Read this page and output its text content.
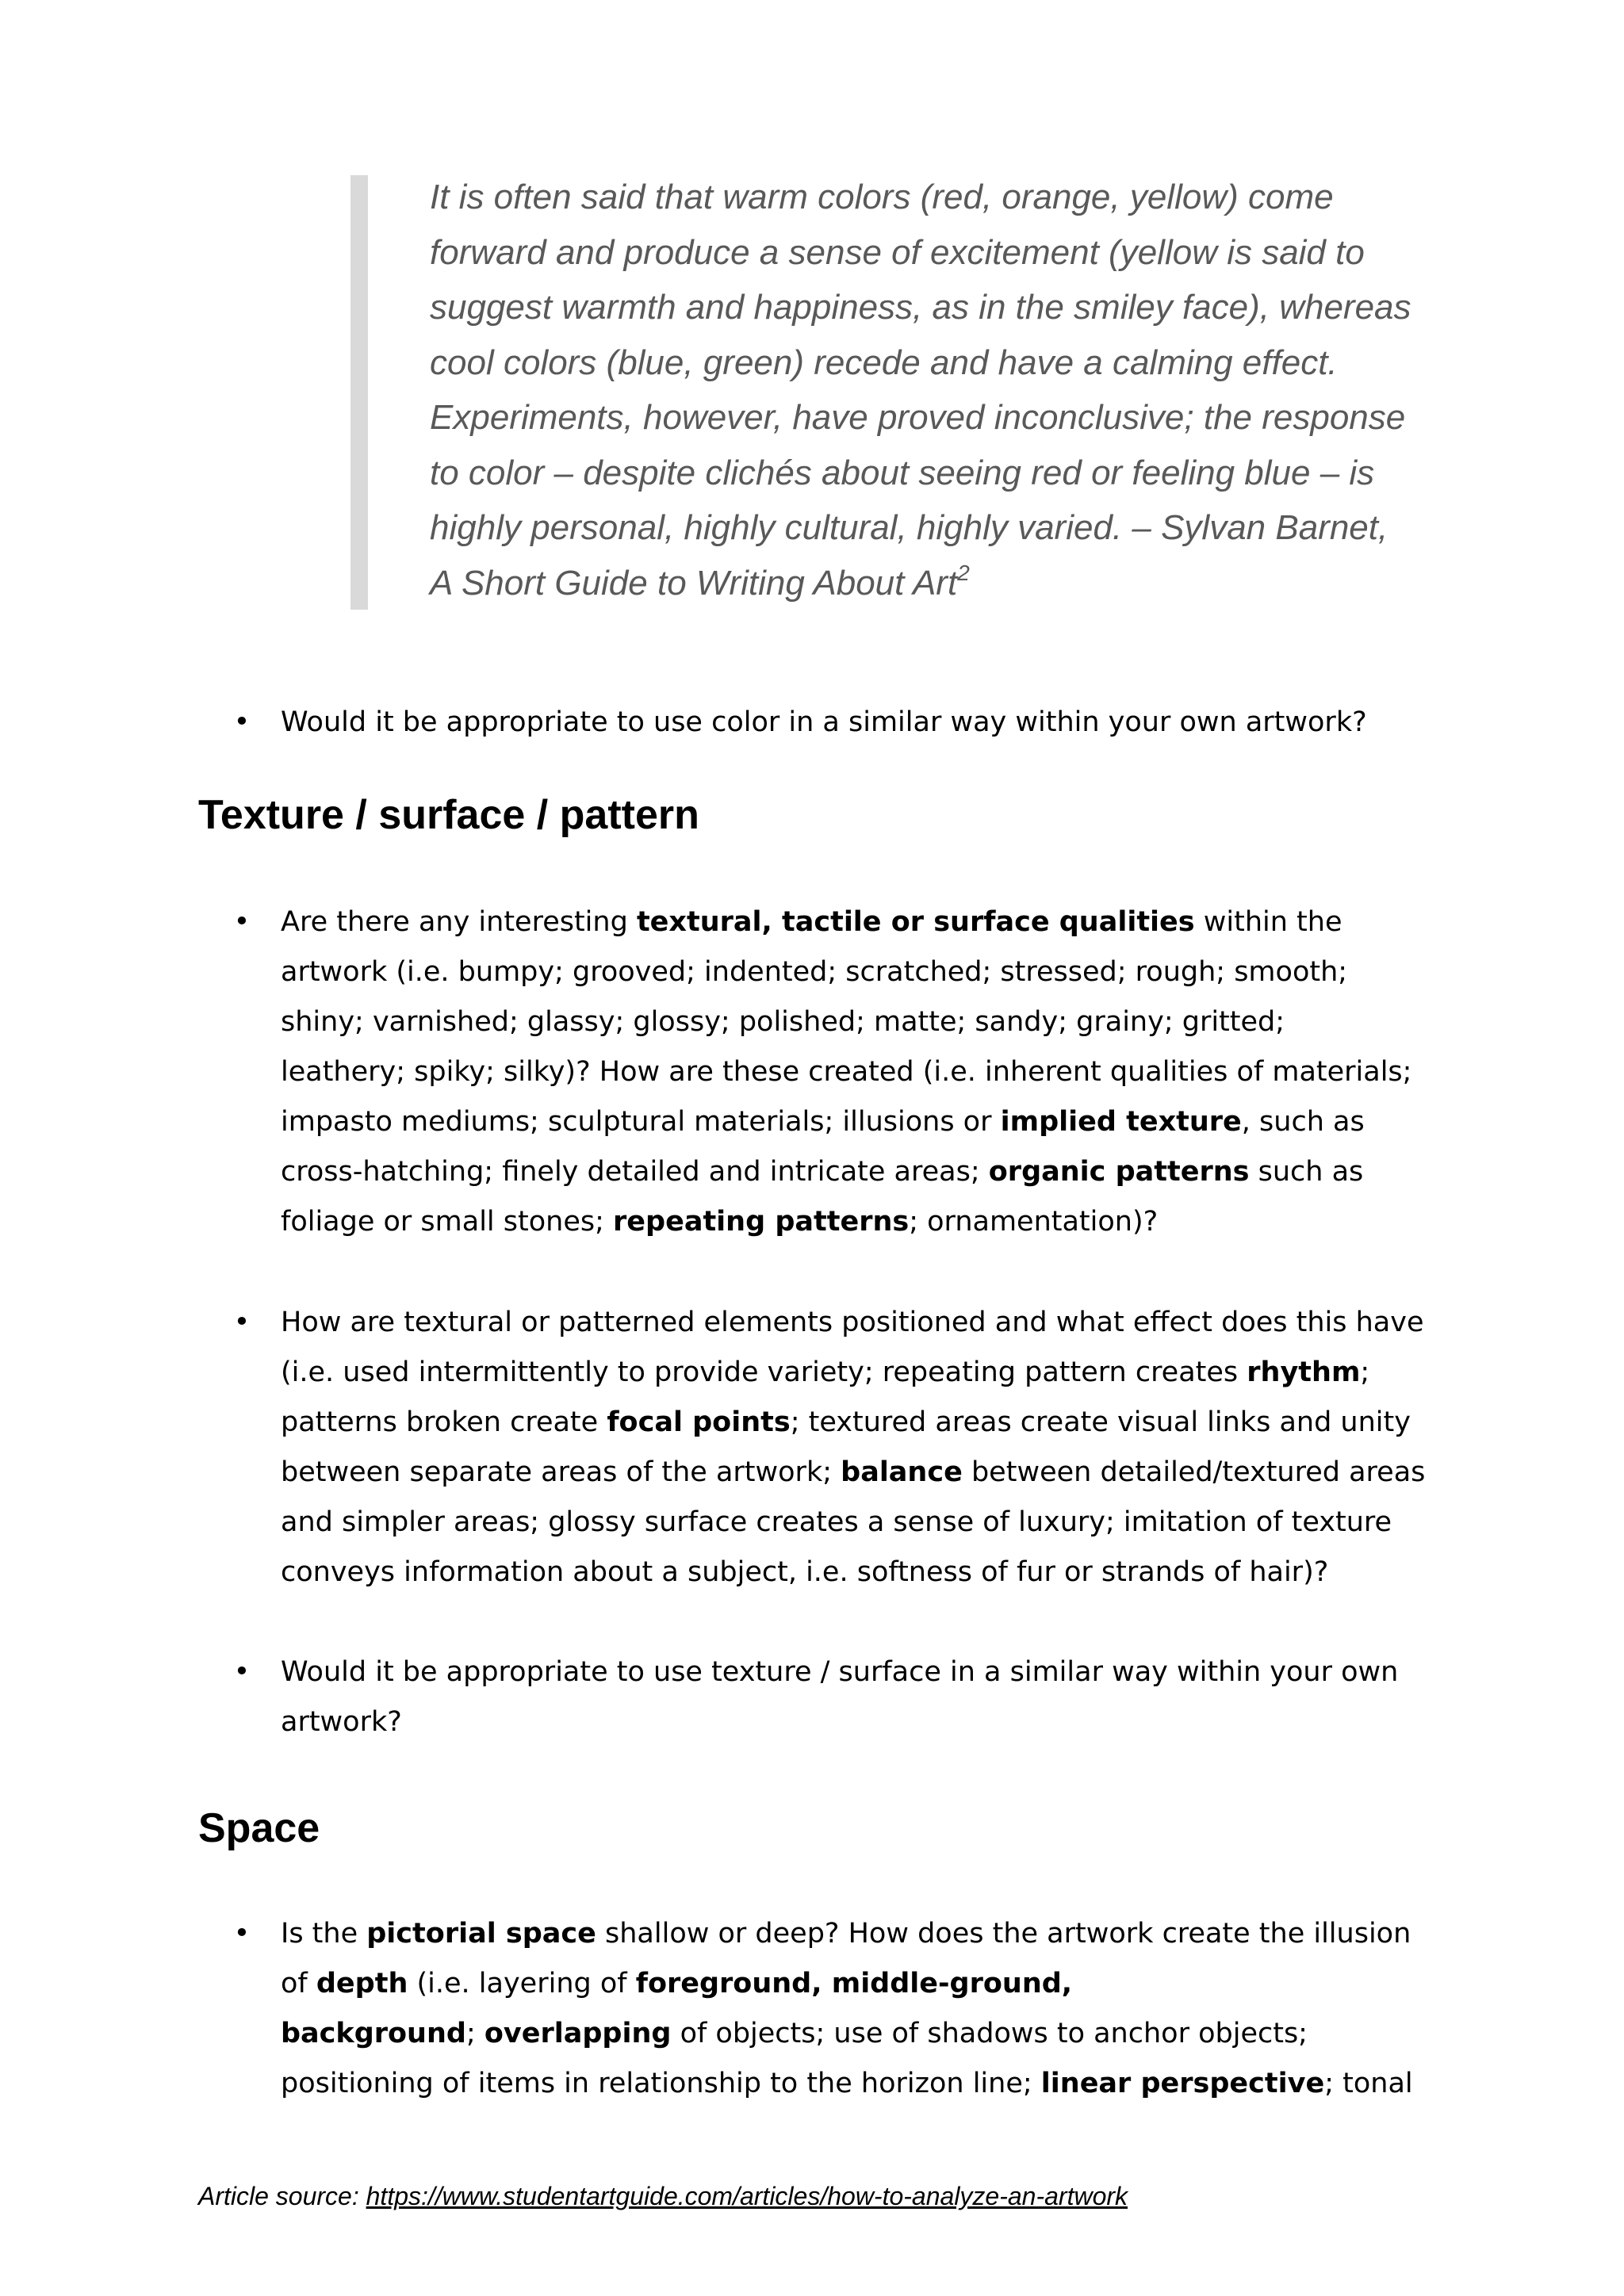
It is often said that warm colors (red, orange, yellow) come
forward and produce a sense of excitement (yellow is said to
suggest warmth and happiness, as in the smiley face), whereas
cool colors (blue, green) recede and have a calming effect.
Experiments, however, have proved inconclusive; the response
to color – despite clichés about seeing red or feeling blue – is
highly personal, highly cultural, highly varied. – Sylvan Barnet,
A Short Guide to Writing About Art$^2$
• Would it be appropriate to use color in a similar way within your own artwork?
Texture / surface / pattern
• Are there any interesting textural, tactile or surface qualities within the
artwork (i.e. bumpy; grooved; indented; scratched; stressed; rough; smooth;
shiny; varnished; glassy; glossy; polished; matte; sandy; grainy; gritted;
leathery; spiky; silky)? How are these created (i.e. inherent qualities of materials;
impasto mediums; sculptural materials; illusions or implied texture, such as
cross-hatching; finely detailed and intricate areas; organic patterns such as
foliage or small stones; repeating patterns; ornamentation)?
• How are textural or patterned elements positioned and what effect does this have
(i.e. used intermittently to provide variety; repeating pattern creates rhythm;
patterns broken create focal points; textured areas create visual links and unity
between separate areas of the artwork; balance between detailed/textured areas
and simpler areas; glossy surface creates a sense of luxury; imitation of texture
conveys information about a subject, i.e. softness of fur or strands of hair)?
• Would it be appropriate to use texture / surface in a similar way within your own
artwork?
Space
• Is the pictorial space shallow or deep? How does the artwork create the illusion
of depth (i.e. layering of foreground, middle-ground,
background; overlapping of objects; use of shadows to anchor objects;
positioning of items in relationship to the horizon line; linear perspective; tonal
Article source: https://www.studentartguide.com/articles/how-to-analyze-an-artwork
